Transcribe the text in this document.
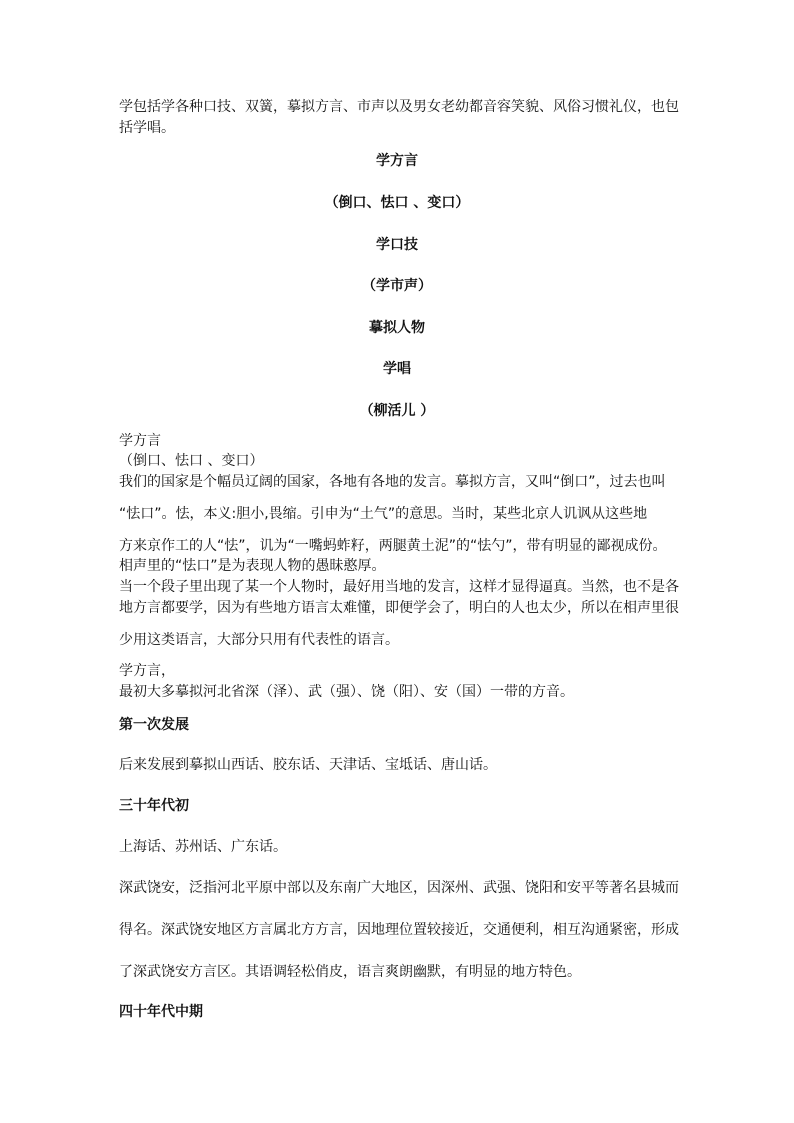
学包括学各种口技、双簧，摹拟方言、市声以及男女老幼都音容笑貌、风俗习惯礼仪，也包
括学唱。
学方言
（倒口、怯口 、变口）
学口技
（学市声）
摹拟人物
学唱
（柳活儿 ）
学方言
（倒口、怯口 、变口）
我们的国家是个幅员辽阔的国家，各地有各地的发言。摹拟方言，又叫“倒口”，过去也叫
“怯口”。怯，本义:胆小,畏缩。引申为“土气”的意思。当时，某些北京人讥讽从这些地
方来京作工的人“怯”，讥为“一嘴蚂蚱籽，两腿黄土泥”的“怯勺”，带有明显的鄙视成份。
相声里的“怯口”是为表现人物的愚昧憨厚。
当一个段子里出现了某一个人物时，最好用当地的发言，这样才显得逼真。当然，也不是各
地方言都要学，因为有些地方语言太难懂，即便学会了，明白的人也太少，所以在相声里很
少用这类语言，大部分只用有代表性的语言。
学方言，
最初大多摹拟河北省深（泽）、武（强）、饶（阳）、安（国）一带的方音。
第一次发展
后来发展到摹拟山西话、胶东话、天津话、宝坻话、唐山话。
三十年代初
上海话、苏州话、广东话。
深武饶安，泛指河北平原中部以及东南广大地区，因深州、武强、饶阳和安平等著名县城而
得名。深武饶安地区方言属北方方言，因地理位置较接近，交通便利，相互沟通紧密，形成
了深武饶安方言区。其语调轻松俏皮，语言爽朗幽默，有明显的地方特色。
四十年代中期
